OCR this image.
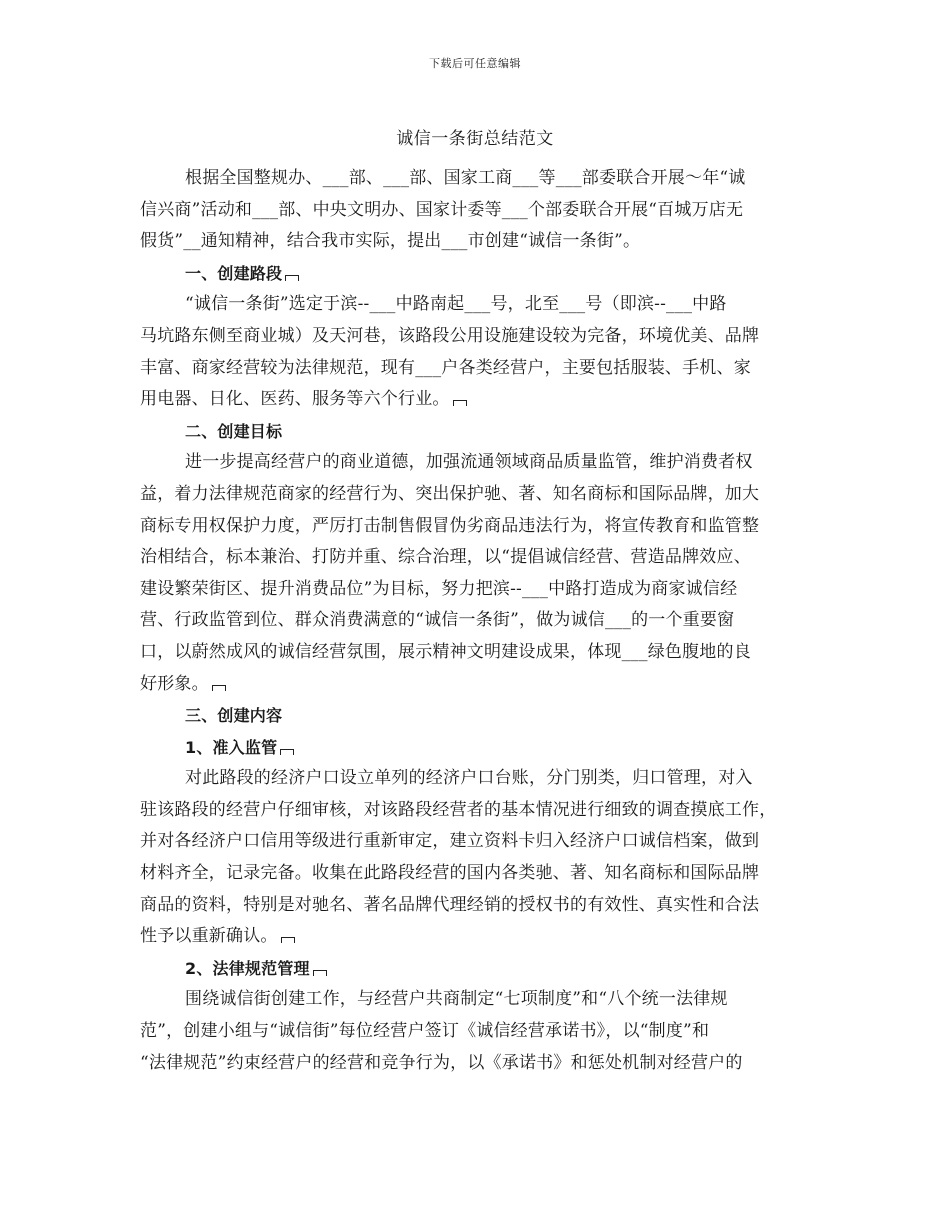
下载后可任意编辑
诚信一条街总结范文
根据全国整规办、___部、___部、国家工商___等___部委联合开展～年“诚
信兴商”活动和___部、中央文明办、国家计委等___个部委联合开展“百城万店无
假货”__通知精神，结合我市实际，提出___市创建“诚信一条街”。
一、创建路段
“诚信一条街”选定于滨--___中路南起___号，北至___号（即滨--___中路
马坑路东侧至商业城）及天河巷，该路段公用设施建设较为完备，环境优美、品牌
丰富、商家经营较为法律规范，现有___户各类经营户，主要包括服装、手机、家
用电器、日化、医药、服务等六个行业。
二、创建目标
进一步提高经营户的商业道德，加强流通领域商品质量监管，维护消费者权
益，着力法律规范商家的经营行为、突出保护驰、著、知名商标和国际品牌，加大
商标专用权保护力度，严厉打击制售假冒伪劣商品违法行为，将宣传教育和监管整
治相结合，标本兼治、打防并重、综合治理，以“提倡诚信经营、营造品牌效应、
建设繁荣街区、提升消费品位”为目标，努力把滨--___中路打造成为商家诚信经
营、行政监管到位、群众消费满意的“诚信一条街”，做为诚信___的一个重要窗
口，以蔚然成风的诚信经营氛围，展示精神文明建设成果，体现___绿色腹地的良
好形象。
三、创建内容
1、准入监管
对此路段的经济户口设立单列的经济户口台账，分门别类，归口管理，对入
驻该路段的经营户仔细审核，对该路段经营者的基本情况进行细致的调查摸底工作，
并对各经济户口信用等级进行重新审定，建立资料卡归入经济户口诚信档案，做到
材料齐全，记录完备。收集在此路段经营的国内各类驰、著、知名商标和国际品牌
商品的资料，特别是对驰名、著名品牌代理经销的授权书的有效性、真实性和合法
性予以重新确认。
2、法律规范管理
围绕诚信街创建工作，与经营户共商制定“七项制度”和“八个统一法律规
范”，创建小组与“诚信街”每位经营户签订《诚信经营承诺书》，以“制度”和
“法律规范”约束经营户的经营和竞争行为，以《承诺书》和惩处机制对经营户的
